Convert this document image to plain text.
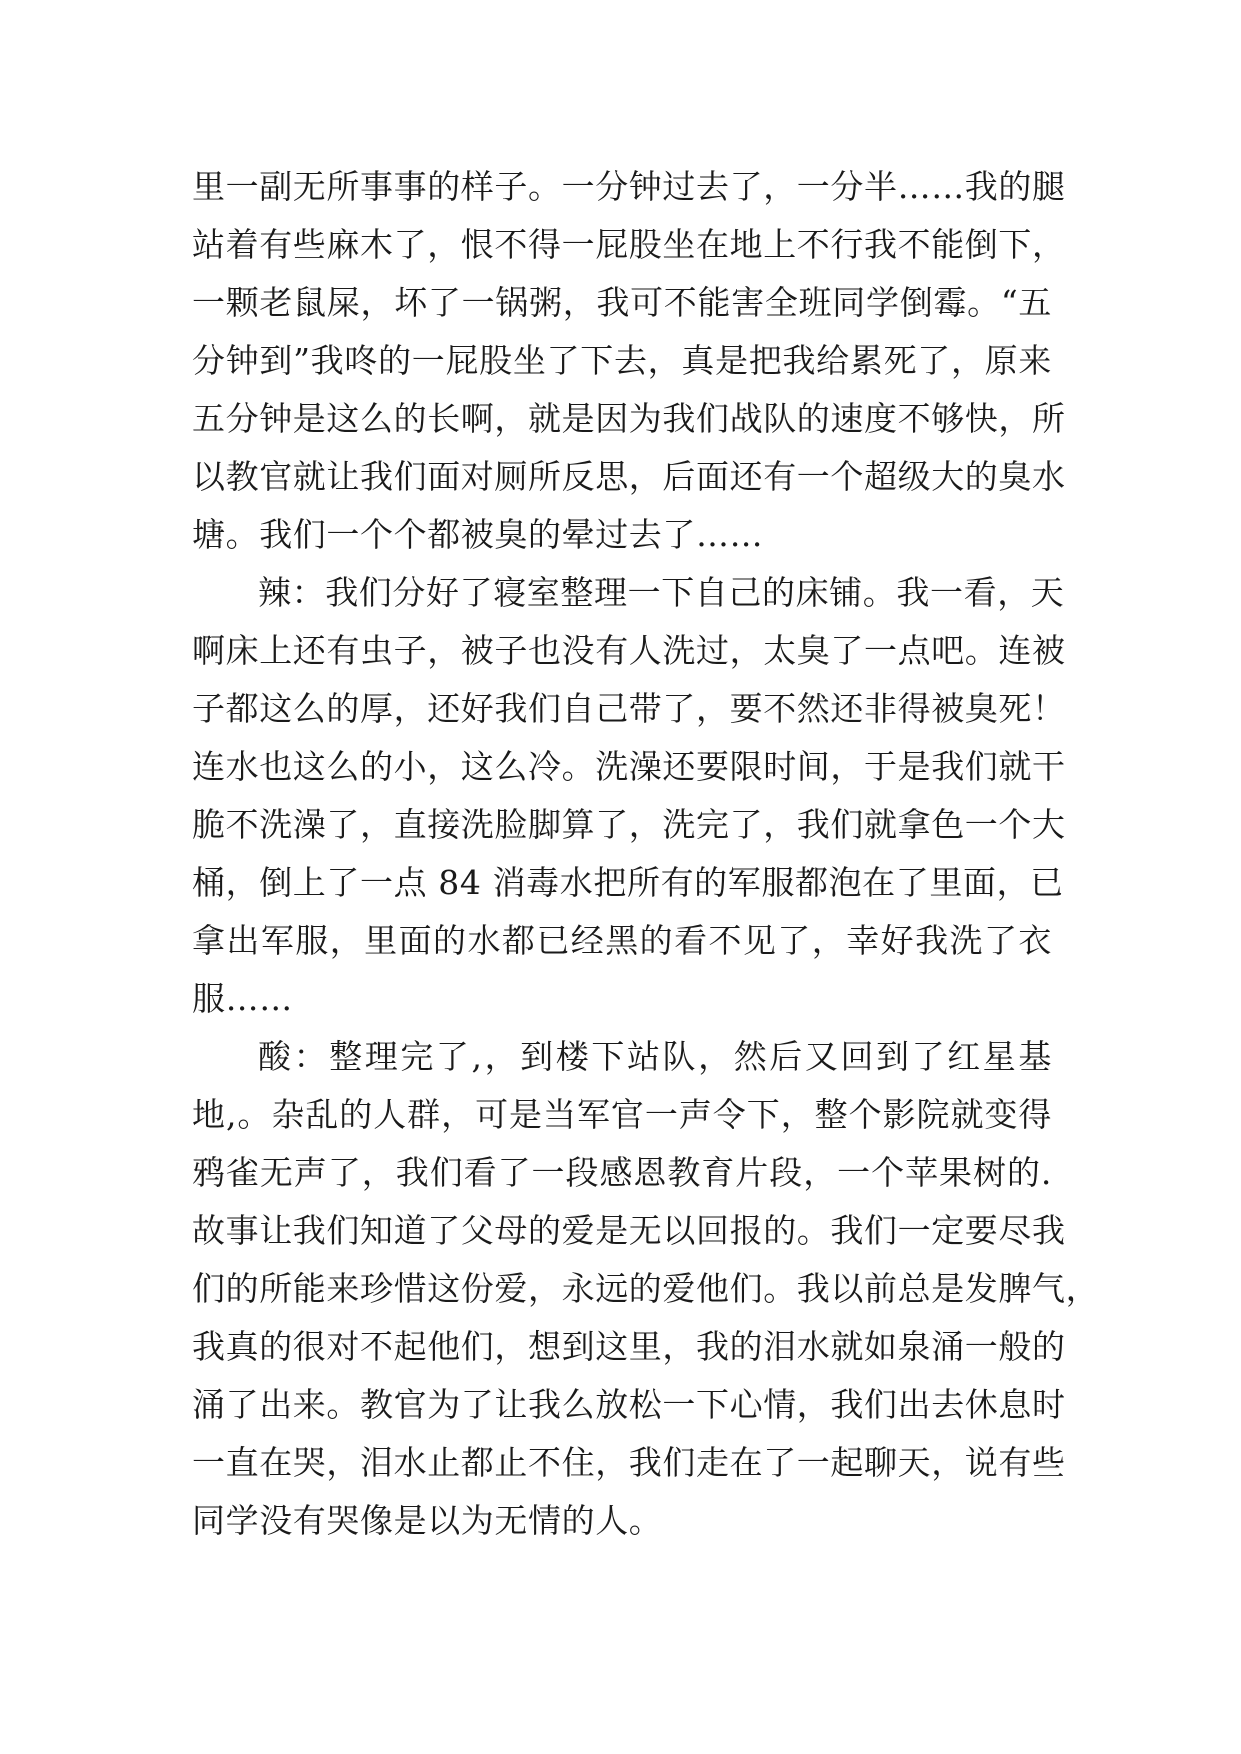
里一副无所事事的样子。一分钟过去了，一分半……我的腿
站着有些麻木了，恨不得一屁股坐在地上不行我不能倒下，
一颗老鼠屎，坏了一锅粥，我可不能害全班同学倒霉。“五
分钟到”我咚的一屁股坐了下去，真是把我给累死了，原来
五分钟是这么的长啊，就是因为我们战队的速度不够快，所
以教官就让我们面对厕所反思，后面还有一个超级大的臭水
塘。我们一个个都被臭的晕过去了……
辣：我们分好了寝室整理一下自己的床铺。我一看，天
啊床上还有虫子，被子也没有人洗过，太臭了一点吧。连被
子都这么的厚，还好我们自己带了，要不然还非得被臭死！
连水也这么的小，这么冷。洗澡还要限时间，于是我们就干
脆不洗澡了，直接洗脸脚算了，洗完了，我们就拿色一个大
桶，倒上了一点 84 消毒水把所有的军服都泡在了里面，已
拿出军服，里面的水都已经黑的看不见了，幸好我洗了衣
服……
酸：整理完了,，到楼下站队，然后又回到了红星基
地,。杂乱的人群，可是当军官一声令下，整个影院就变得
鸦雀无声了，我们看了一段感恩教育片段，一个苹果树的.
故事让我们知道了父母的爱是无以回报的。我们一定要尽我
们的所能来珍惜这份爱，永远的爱他们。我以前总是发脾气，
我真的很对不起他们，想到这里，我的泪水就如泉涌一般的
涌了出来。教官为了让我么放松一下心情，我们出去休息时
一直在哭，泪水止都止不住，我们走在了一起聊天，说有些
同学没有哭像是以为无情的人。
